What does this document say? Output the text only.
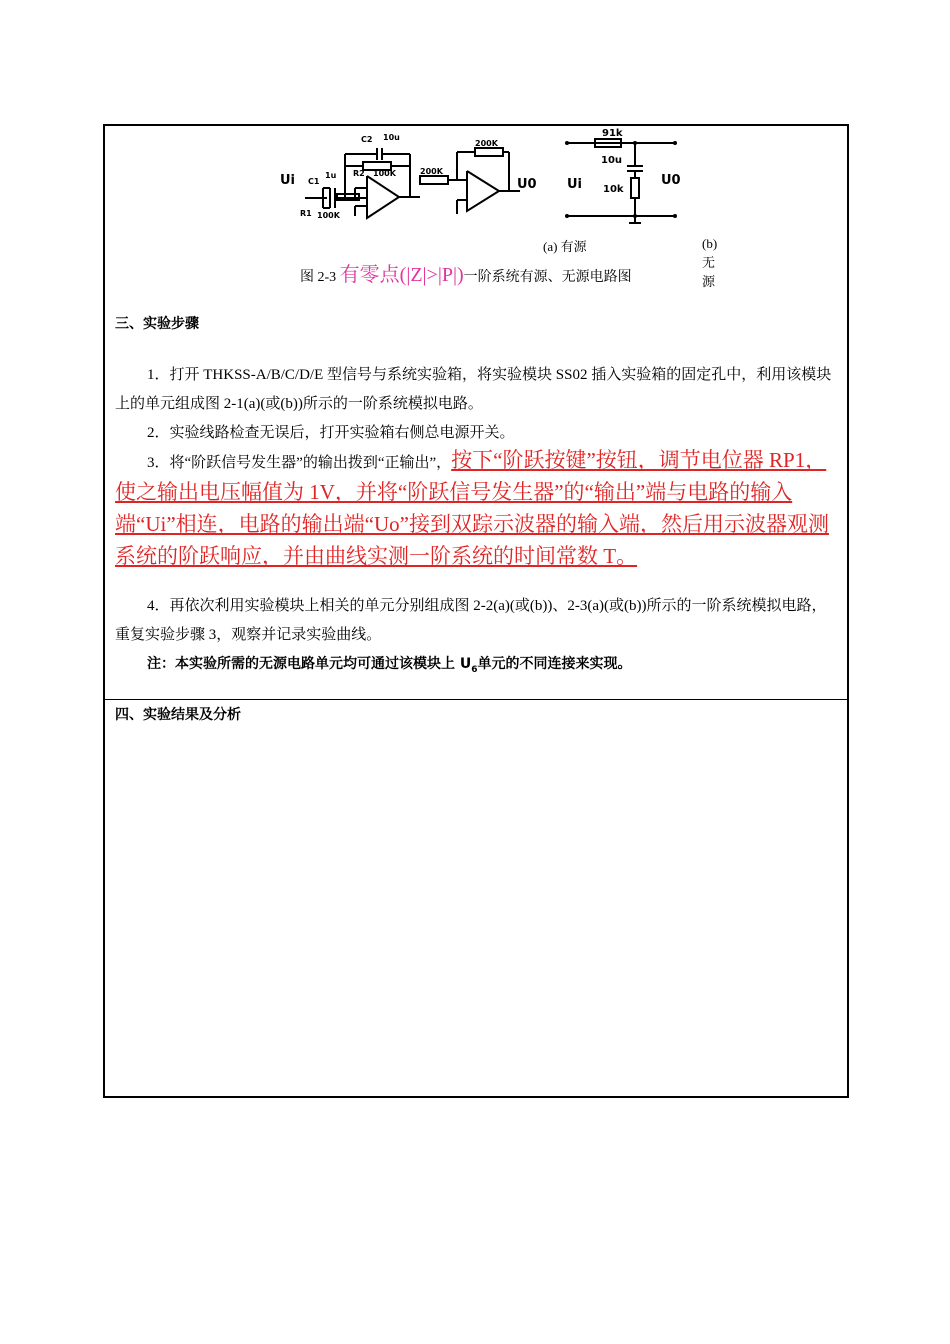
Ui C1
1u
R1 100K
C2 10u
R2 100K	200K
200K
U0
91k
10u
10k
Ui	U0
(a) 有源	(b) 无源
图 2-3 有零点(|Z|>|P|)一阶系统有源、无源电路图
三、实验步骤
1．打开 THKSS-A/B/C/D/E 型信号与系统实验箱，将实验模块 SS02 插入实验箱的固定孔中，利用该模块上的单元组成图 2-1(a)(或(b))所示的一阶系统模拟电路。
2．实验线路检查无误后，打开实验箱右侧总电源开关。
3．将“阶跃信号发生器”的输出拨到“正输出”，按下“阶跃按键”按钮，调节电位器 RP1，使之输出电压幅值为 1V，并将“阶跃信号发生器”的“输出”端与电路的输入端“Ui”相连，电路的输出端“Uo”接到双踪示波器的输入端，然后用示波器观测系统的阶跃响应，并由曲线实测一阶系统的时间常数 T。
4．再依次利用实验模块上相关的单元分别组成图 2-2(a)(或(b))、2-3(a)(或(b))所示的一阶系统模拟电路，重复实验步骤 3，观察并记录实验曲线。
注：本实验所需的无源电路单元均可通过该模块上 $U_6$单元的不同连接来实现。
四、实验结果及分析
